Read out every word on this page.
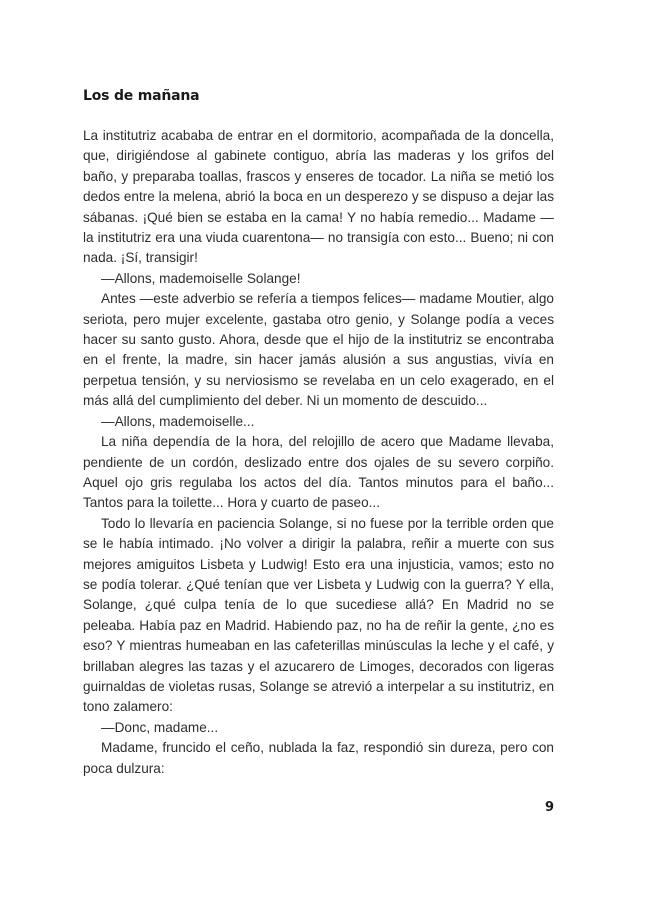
Los de mañana

La institutriz acababa de entrar en el dormitorio, acompañada de la doncella, que, dirigiéndose al gabinete contiguo, abría las maderas y los grifos del baño, y preparaba toallas, frascos y enseres de tocador. La niña se metió los dedos entre la melena, abrió la boca en un desperezo y se dispuso a dejar las sábanas. ¡Qué bien se estaba en la cama! Y no había remedio... Madame —la institutriz era una viuda cuarentona— no transigía con esto... Bueno; ni con nada. ¡Sí, transigir!

—Allons, mademoiselle Solange!

Antes —este adverbio se refería a tiempos felices— madame Moutier, algo seriota, pero mujer excelente, gastaba otro genio, y Solange podía a veces hacer su santo gusto. Ahora, desde que el hijo de la institutriz se encontraba en el frente, la madre, sin hacer jamás alusión a sus angustias, vivía en perpetua tensión, y su nerviosismo se revelaba en un celo exagerado, en el más allá del cumplimiento del deber. Ni un momento de descuido...

—Allons, mademoiselle...

La niña dependía de la hora, del relojillo de acero que Madame llevaba, pendiente de un cordón, deslizado entre dos ojales de su severo corpiño. Aquel ojo gris regulaba los actos del día. Tantos minutos para el baño... Tantos para la toilette... Hora y cuarto de paseo...

Todo lo llevaría en paciencia Solange, si no fuese por la terrible orden que se le había intimado. ¡No volver a dirigir la palabra, reñir a muerte con sus mejores amiguitos Lisbeta y Ludwig! Esto era una injusticia, vamos; esto no se podía tolerar. ¿Qué tenían que ver Lisbeta y Ludwig con la guerra? Y ella, Solange, ¿qué culpa tenía de lo que sucediese allá? En Madrid no se peleaba. Había paz en Madrid. Habiendo paz, no ha de reñir la gente, ¿no es eso? Y mientras humeaban en las cafeterillas minúsculas la leche y el café, y brillaban alegres las tazas y el azucarero de Limoges, decorados con ligeras guirnaldas de violetas rusas, Solange se atrevió a interpelar a su institutriz, en tono zalamero:

—Donc, madame...

Madame, fruncido el ceño, nublada la faz, respondió sin dureza, pero con poca dulzura:

9
